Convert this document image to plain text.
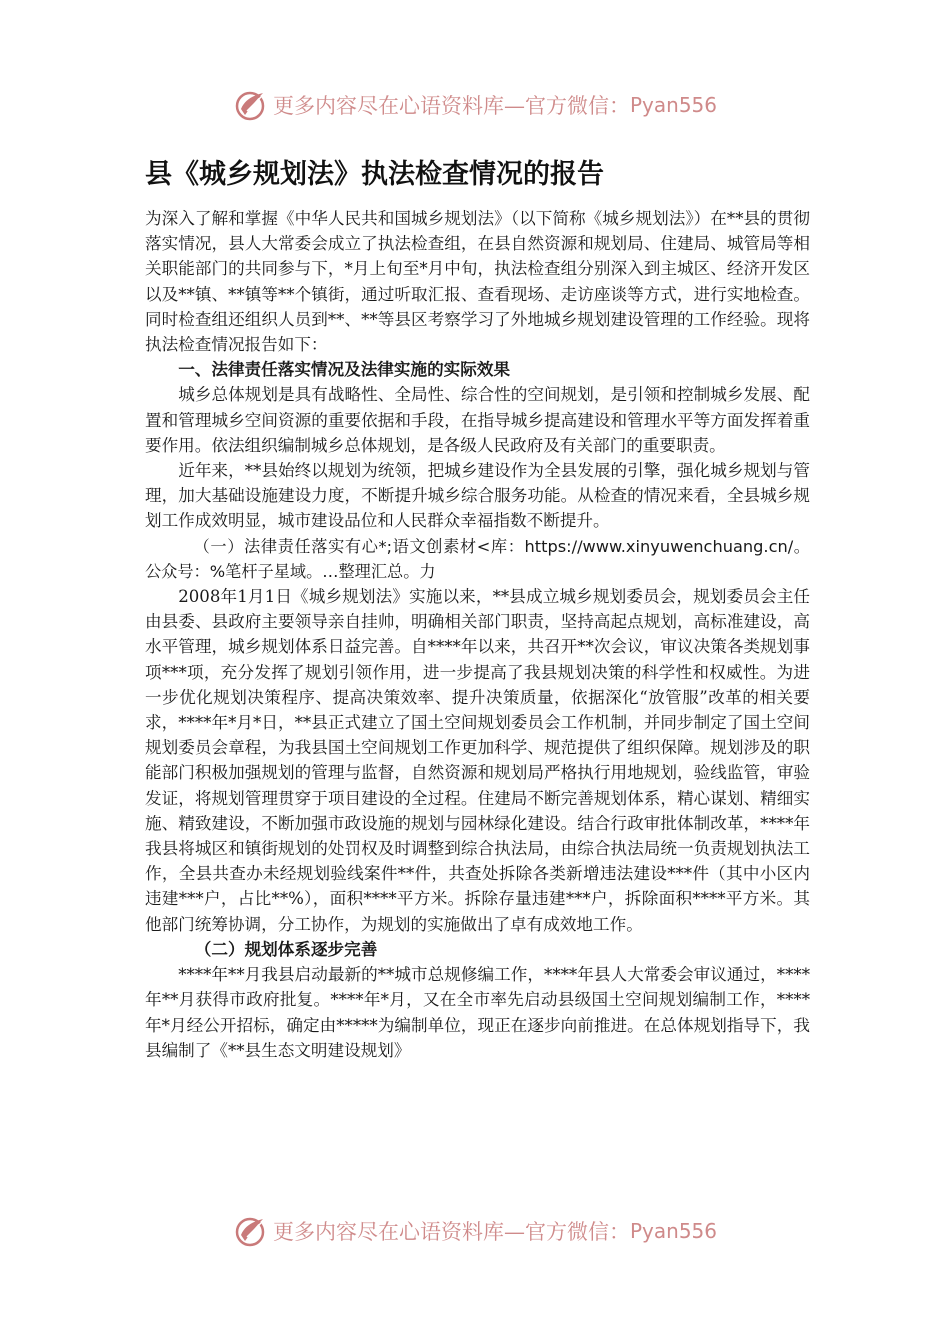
更多内容尽在心语资料库—官方微信： Pyan556
县《城乡规划法》执法检查情况的报告

为深入了解和掌握《中华人民共和国城乡规划法》（以下简称《城乡规划法》）在**县的贯彻落实情况，县人大常委会成立了执法检查组，在县自然资源和规划局、住建局、城管局等相关职能部门的共同参与下，*月上旬至*月中旬，执法检查组分别深入到主城区、经济开发区以及**镇、**镇等**个镇街，通过听取汇报、查看现场、走访座谈等方式，进行实地检查。同时检查组还组织人员到**、**等县区考察学习了外地城乡规划建设管理的工作经验。现将执法检查情况报告如下：

一、法律责任落实情况及法律实施的实际效果

城乡总体规划是具有战略性、全局性、综合性的空间规划，是引领和控制城乡发展、配置和管理城乡空间资源的重要依据和手段，在指导城乡提高建设和管理水平等方面发挥着重要作用。依法组织编制城乡总体规划，是各级人民政府及有关部门的重要职责。

近年来，**县始终以规划为统领，把城乡建设作为全县发展的引擎，强化城乡规划与管理，加大基础设施建设力度，不断提升城乡综合服务功能。从检查的情况来看，全县城乡规划工作成效明显，城市建设品位和人民群众幸福指数不断提升。

（一）法律责任落实有心*;语文创素材<库：https://www.xinyuwenchuang.cn/。公众号：%笔杆子星域。…整理汇总。力

2008年1月1日《城乡规划法》实施以来，**县成立城乡规划委员会，规划委员会主任由县委、县政府主要领导亲自挂帅，明确相关部门职责，坚持高起点规划，高标准建设，高水平管理，城乡规划体系日益完善。自****年以来，共召开**次会议，审议决策各类规划事项***项，充分发挥了规划引领作用，进一步提高了我县规划决策的科学性和权威性。为进一步优化规划决策程序、提高决策效率、提升决策质量，依据深化“放管服”改革的相关要求，****年*月*日，**县正式建立了国土空间规划委员会工作机制，并同步制定了国土空间规划委员会章程，为我县国土空间规划工作更加科学、规范提供了组织保障。规划涉及的职能部门积极加强规划的管理与监督，自然资源和规划局严格执行用地规划，验线监管，审验发证，将规划管理贯穿于项目建设的全过程。住建局不断完善规划体系，精心谋划、精细实施、精致建设，不断加强市政设施的规划与园林绿化建设。结合行政审批体制改革，****年我县将城区和镇街规划的处罚权及时调整到综合执法局，由综合执法局统一负责规划执法工作，全县共查办未经规划验线案件**件，共查处拆除各类新增违法建设***件（其中小区内违建***户，占比**%），面积****平方米。拆除存量违建***户，拆除面积****平方米。其他部门统筹协调，分工协作，为规划的实施做出了卓有成效地工作。

（二）规划体系逐步完善

****年**月我县启动最新的**城市总规修编工作，****年县人大常委会审议通过，****年**月获得市政府批复。****年*月，又在全市率先启动县级国土空间规划编制工作，****年*月经公开招标，确定由*****为编制单位，现正在逐步向前推进。在总体规划指导下，我县编制了《**县生态文明建设规划》

更多内容尽在心语资料库—官方微信： Pyan556
